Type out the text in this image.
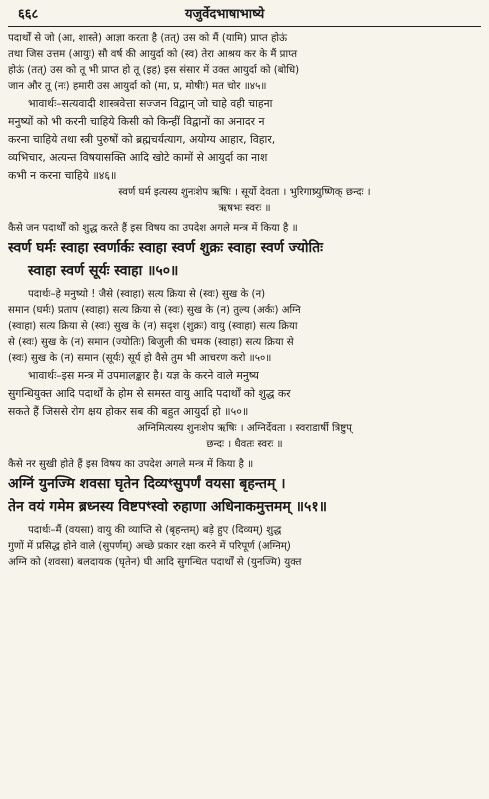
६६८	यजुर्वेदभाषाभाष्ये
पदार्थों से जो (आ, शास्ते) आज्ञा करता है (तत्) उस को मैं (यामि) प्राप्त होऊं
तथा जिस उत्तम (आयुः) सौ वर्ष की आयुर्दा को (स्व) तेरा आश्रय कर के मैं प्राप्त
होऊं (तत्) उस को तू भी प्राप्त हो तू (इह) इस संसार में उक्त आयुर्दा को (बोधि)
जान और तू (नः) हमारी उस आयुर्दा को (मा, प्र, मोषीः) मत चोर ॥४५॥
भावार्थः–सत्यवादी शास्त्रवेत्ता सज्जन विद्वान् जो चाहे वही चाहना
मनुष्यों को भी करनी चाहिये किसी को किन्हीं विद्वानों का अनादर न
करना चाहिये तथा स्त्री पुरुषों को ब्रह्मचर्यत्याग, अयोग्य आहार, विहार,
व्यभिचार, अत्यन्त विषयासक्ति आदि खोटे कामों से आयुर्दा का नाश
कभी न करना चाहिये ॥४६॥
स्वर्ण घर्म इत्यस्य शुनःशेप ऋषिः । सूर्यो देवता । भुरिगाष्र्युष्णिक् छन्दः ।
ऋषभः स्वरः ॥
कैसे जन पदार्थों को शुद्ध करते हैं इस विषय का उपदेश अगले मन्त्र में किया है ॥
स्वर्ण घर्मः स्वाहा स्वर्णार्कः स्वाहा स्वर्ण शुक्रः स्वाहा स्वर्ण ज्योतिः
स्वाहा स्वर्ण सूर्यः स्वाहा ॥५०॥
पदार्थः–हे मनुष्यो ! जैसे (स्वाहा) सत्य क्रिया से (स्वः) सुख के (न)
समान (घर्मः) प्रताप (स्वाहा) सत्य क्रिया से (स्वः) सुख के (न) तुल्य (अर्कः) अग्नि
(स्वाहा) सत्य क्रिया से (स्वः) सुख के (न) सदृश (शुक्रः) वायु (स्वाहा) सत्य क्रिया
से (स्वः) सुख के (न) समान (ज्योतिः) बिजुली की चमक (स्वाहा) सत्य क्रिया से
(स्वः) सुख के (न) समान (सूर्यः) सूर्य हो वैसे तुम भी आचरण करो ॥५०॥
भावार्थः–इस मन्त्र में उपमालङ्कार है। यज्ञ के करने वाले मनुष्य
सुगन्धियुक्त आदि पदार्थों के होम से समस्त वायु आदि पदार्थों को शुद्ध कर
सकते हैं जिससे रोग क्षय होकर सब की बहुत आयुर्दा हो ॥५०॥
अग्निमित्यस्य शुनःशेप ऋषिः । अग्निर्देवता । स्वराडार्षी त्रिष्टुप्
छन्दः । धैवतः स्वरः ॥
कैसे नर सुखी होते हैं इस विषय का उपदेश अगले मन्त्र में किया है ॥
अग्निं युनज्मि शवसा घृतेन दिव्यꣳसुपर्णं वयसा बृहन्तम् ।
तेन वयं गमेम ब्रध्नस्य विष्टपꣳस्वो रुहाणा अधिनाकमुत्तमम् ॥५१॥
पदार्थः–मैं (वयसा) वायु की व्याप्ति से (बृहन्तम्) बड़े हुए (दिव्यम्) शुद्ध
गुणों में प्रसिद्ध होने वाले (सुपर्णम्) अच्छे प्रकार रक्षा करने में परिपूर्ण (अग्निम्)
अग्नि को (शवसा) बलदायक (घृतेन) घी आदि सुगन्धित पदार्थों से (युनज्मि) युक्त
